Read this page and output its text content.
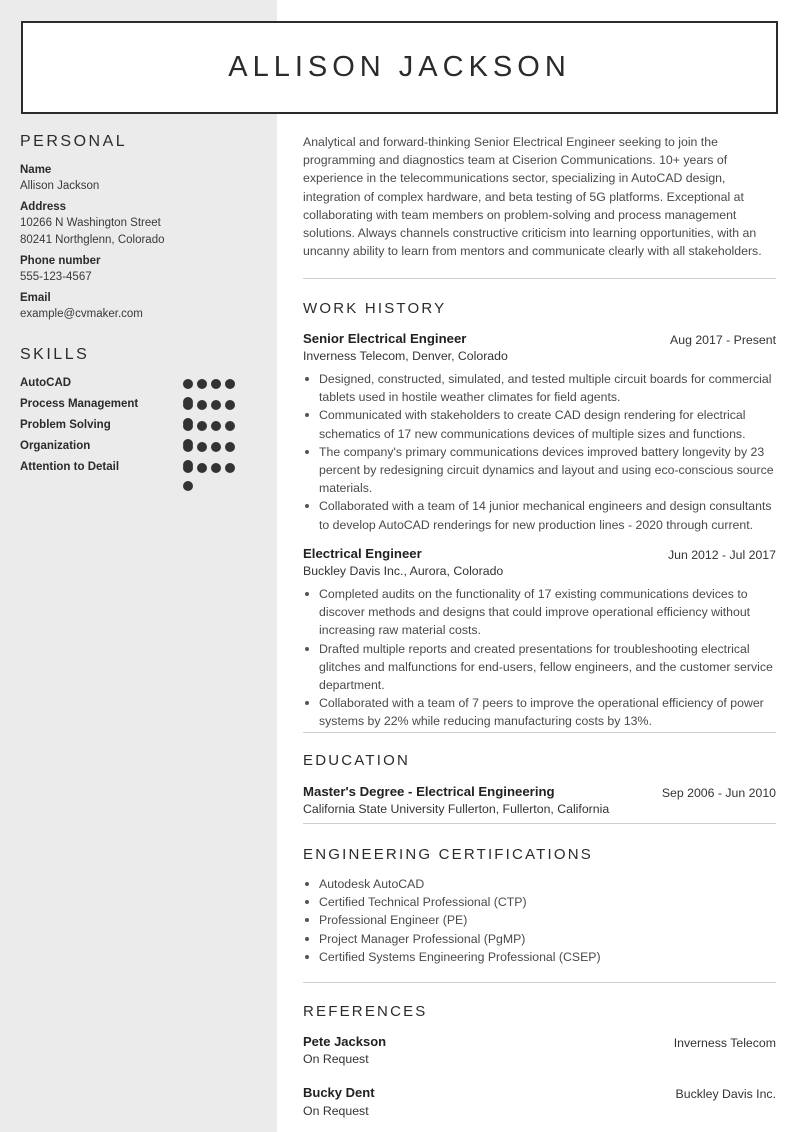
ALLISON JACKSON
PERSONAL
Name
Allison Jackson
Address
10266 N Washington Street
80241 Northglenn, Colorado
Phone number
555-123-4567
Email
example@cvmaker.com
SKILLS
AutoCAD
Process Management
Problem Solving
Organization
Attention to Detail

Analytical and forward-thinking Senior Electrical Engineer seeking to join the programming and diagnostics team at Ciserion Communications. 10+ years of experience in the telecommunications sector, specializing in AutoCAD design, integration of complex hardware, and beta testing of 5G platforms. Exceptional at collaborating with team members on problem-solving and process management solutions. Always channels constructive criticism into learning opportunities, with an uncanny ability to learn from mentors and communicate clearly with all stakeholders.

WORK HISTORY
Senior Electrical Engineer	Aug 2017 - Present
Inverness Telecom, Denver, Colorado
Designed, constructed, simulated, and tested multiple circuit boards for commercial tablets used in hostile weather climates for field agents.
Communicated with stakeholders to create CAD design rendering for electrical schematics of 17 new communications devices of multiple sizes and functions.
The company's primary communications devices improved battery longevity by 23 percent by redesigning circuit dynamics and layout and using eco-conscious source materials.
Collaborated with a team of 14 junior mechanical engineers and design consultants to develop AutoCAD renderings for new production lines - 2020 through current.
Electrical Engineer	Jun 2012 - Jul 2017
Buckley Davis Inc., Aurora, Colorado
Completed audits on the functionality of 17 existing communications devices to discover methods and designs that could improve operational efficiency without increasing raw material costs.
Drafted multiple reports and created presentations for troubleshooting electrical glitches and malfunctions for end-users, fellow engineers, and the customer service department.
Collaborated with a team of 7 peers to improve the operational efficiency of power systems by 22% while reducing manufacturing costs by 13%.
EDUCATION
Master's Degree - Electrical Engineering	Sep 2006 - Jun 2010
California State University Fullerton, Fullerton, California
ENGINEERING CERTIFICATIONS
Autodesk AutoCAD
Certified Technical Professional (CTP)
Professional Engineer (PE)
Project Manager Professional (PgMP)
Certified Systems Engineering Professional (CSEP)
REFERENCES
Pete Jackson	Inverness Telecom
On Request
Bucky Dent	Buckley Davis Inc.
On Request
